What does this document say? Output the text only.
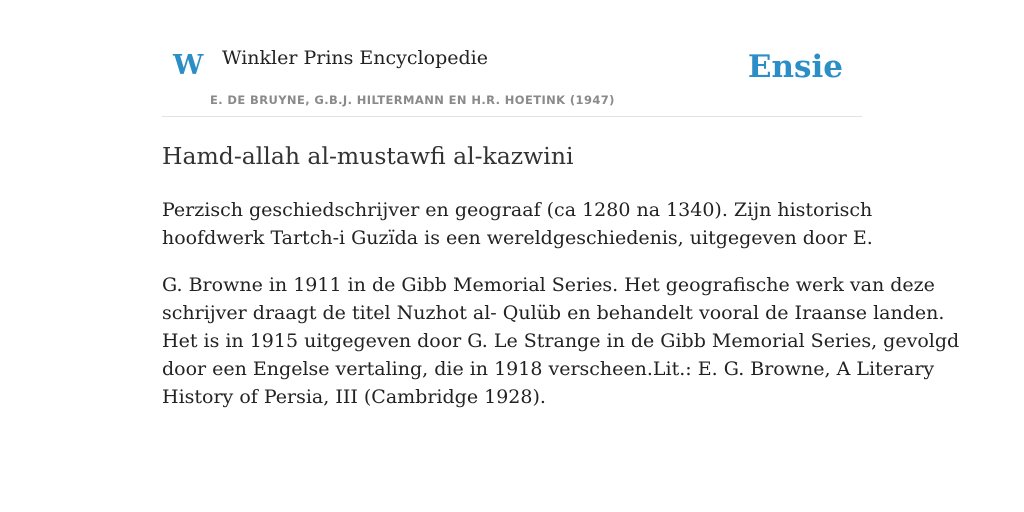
W Winkler Prins Encyclopedie
E. DE BRUYNE, G.B.J. HILTERMANN EN H.R. HOETINK (1947)
Ensie
Hamd-allah al-mustawfi al-kazwini

Perzisch geschiedschrijver en geograaf (ca 1280 na 1340). Zijn historisch
hoofdwerk Tartch-i Guzïda is een wereldgeschiedenis, uitgegeven door E.

G. Browne in 1911 in de Gibb Memorial Series. Het geografische werk van deze
schrijver draagt de titel Nuzhot al- Qulüb en behandelt vooral de Iraanse landen.
Het is in 1915 uitgegeven door G. Le Strange in de Gibb Memorial Series, gevolgd
door een Engelse vertaling, die in 1918 verscheen.Lit.: E. G. Browne, A Literary
History of Persia, III (Cambridge 1928).
